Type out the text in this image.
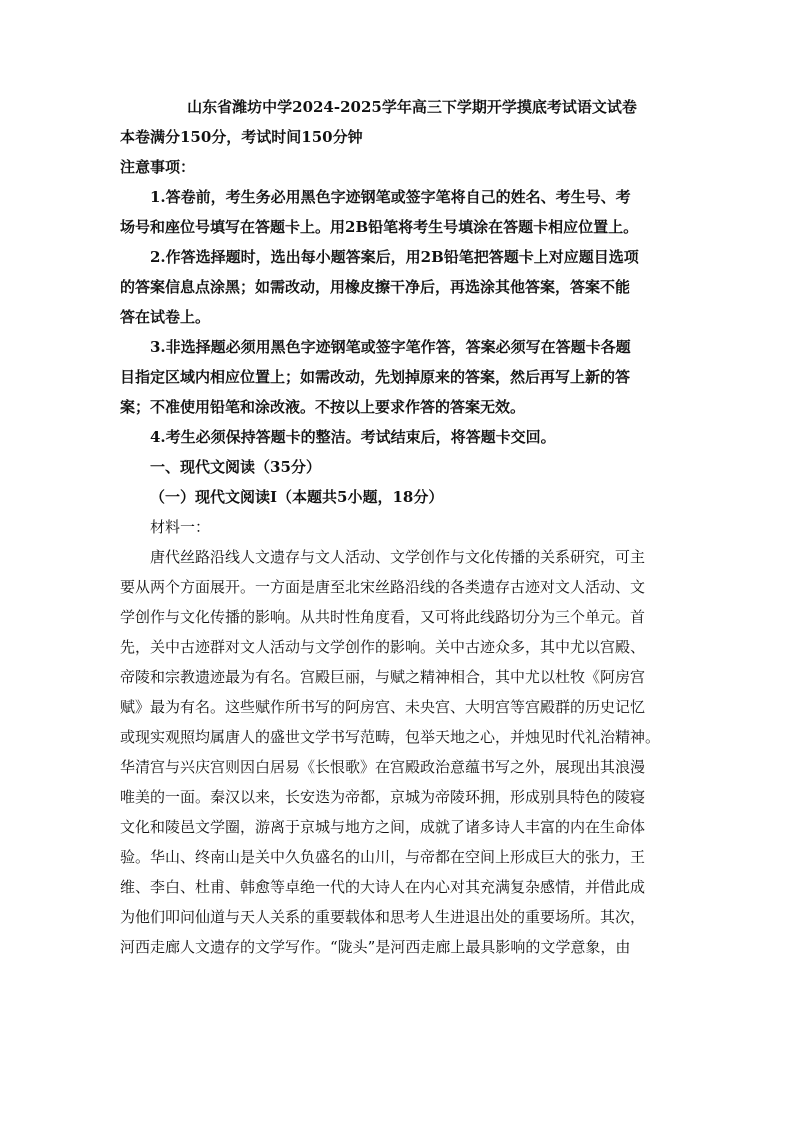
山东省潍坊中学2024-2025学年高三下学期开学摸底考试语文试卷
本卷满分150分，考试时间150分钟
注意事项：
1.答卷前，考生务必用黑色字迹钢笔或签字笔将自己的姓名、考生号、考
场号和座位号填写在答题卡上。用2B铅笔将考生号填涂在答题卡相应位置上。
2.作答选择题时，选出每小题答案后，用2B铅笔把答题卡上对应题目选项
的答案信息点涂黑；如需改动，用橡皮擦干净后，再选涂其他答案，答案不能
答在试卷上。
3.非选择题必须用黑色字迹钢笔或签字笔作答，答案必须写在答题卡各题
目指定区域内相应位置上；如需改动，先划掉原来的答案，然后再写上新的答
案；不准使用铅笔和涂改液。不按以上要求作答的答案无效。
4.考生必须保持答题卡的整洁。考试结束后，将答题卡交回。
一、现代文阅读（35分）
（一）现代文阅读Ⅰ（本题共5小题，18分）
材料一：
唐代丝路沿线人文遗存与文人活动、文学创作与文化传播的关系研究，可主
要从两个方面展开。一方面是唐至北宋丝路沿线的各类遗存古迹对文人活动、文
学创作与文化传播的影响。从共时性角度看，又可将此线路切分为三个单元。首
先，关中古迹群对文人活动与文学创作的影响。关中古迹众多，其中尤以宫殿、
帝陵和宗教遗迹最为有名。宫殿巨丽，与赋之精神相合，其中尤以杜牧《阿房宫
赋》最为有名。这些赋作所书写的阿房宫、未央宫、大明宫等宫殿群的历史记忆
或现实观照均属唐人的盛世文学书写范畴，包举天地之心，并烛见时代礼治精神。
华清宫与兴庆宫则因白居易《长恨歌》在宫殿政治意蕴书写之外，展现出其浪漫
唯美的一面。秦汉以来，长安迭为帝都，京城为帝陵环拥，形成别具特色的陵寝
文化和陵邑文学圈，游离于京城与地方之间，成就了诸多诗人丰富的内在生命体
验。华山、终南山是关中久负盛名的山川，与帝都在空间上形成巨大的张力，王
维、李白、杜甫、韩愈等卓绝一代的大诗人在内心对其充满复杂感情，并借此成
为他们叩问仙道与天人关系的重要载体和思考人生进退出处的重要场所。其次，
河西走廊人文遗存的文学写作。“陇头”是河西走廊上最具影响的文学意象，由
